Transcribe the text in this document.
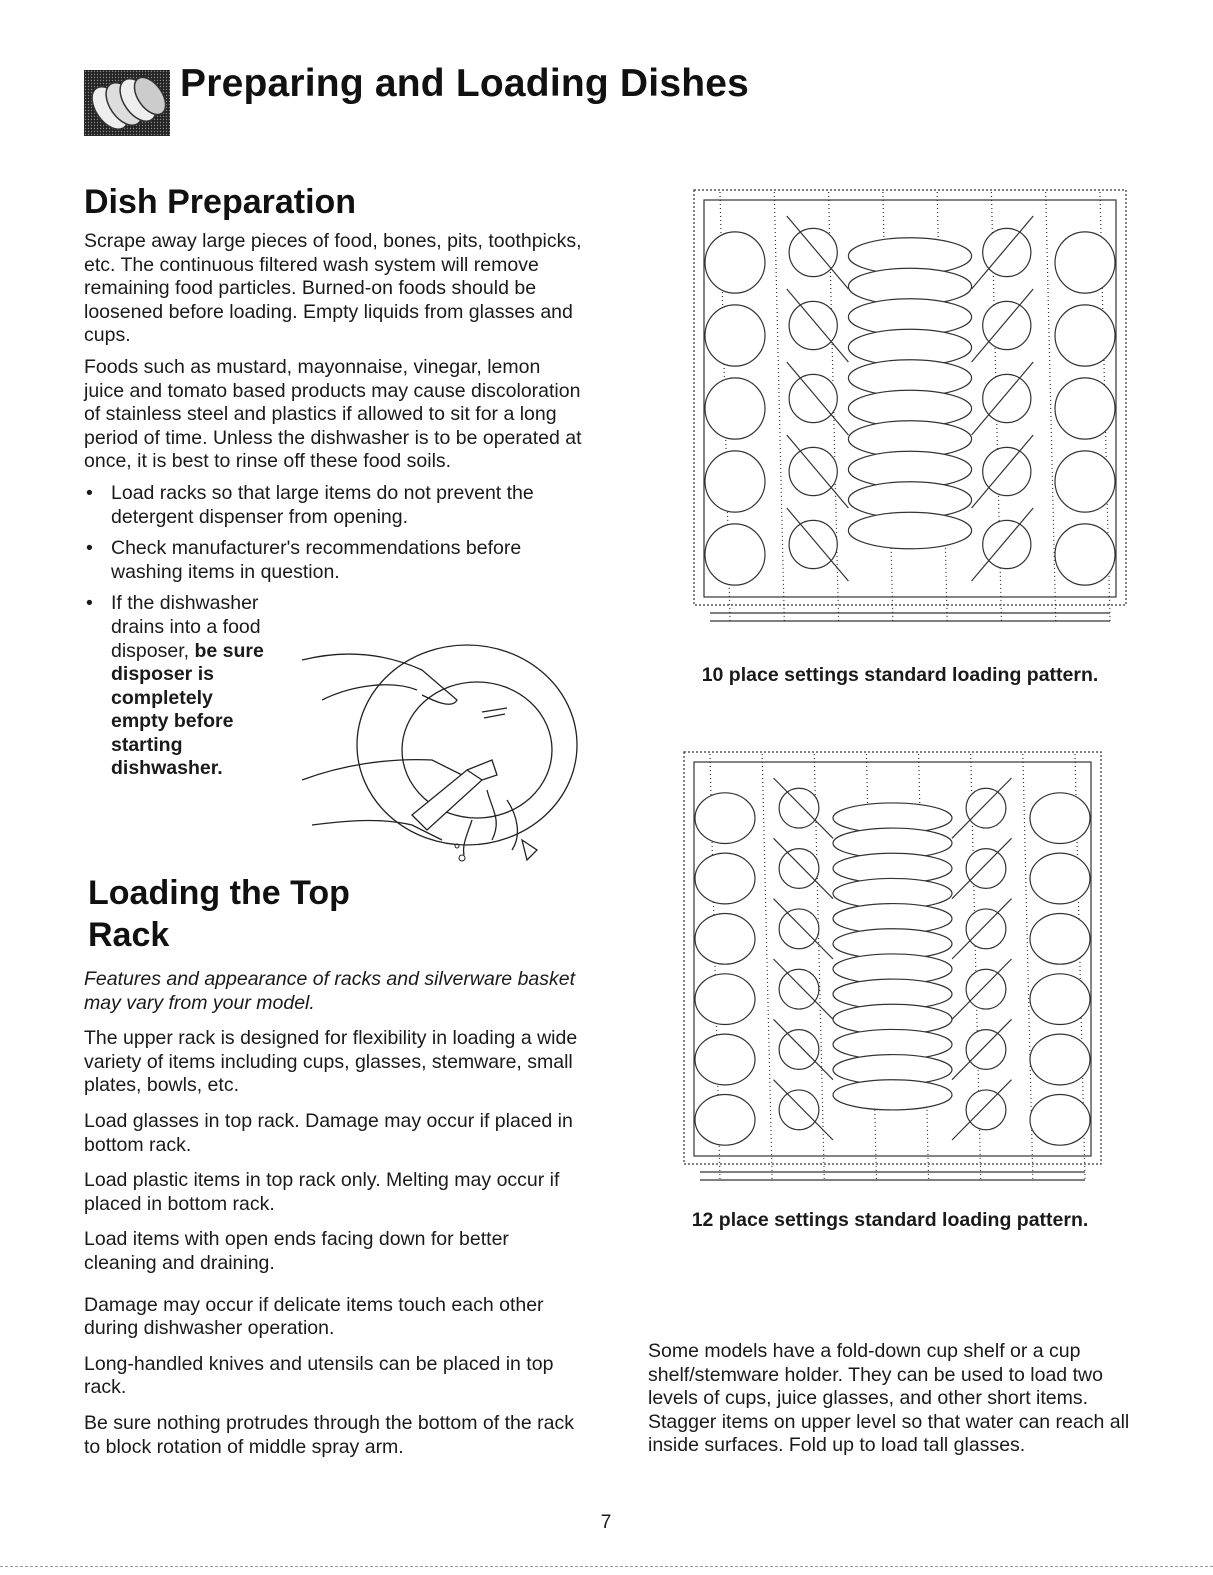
Preparing and Loading Dishes
Dish Preparation

Scrape away large pieces of food, bones, pits, toothpicks, etc. The continuous filtered wash system will remove remaining food particles. Burned-on foods should be loosened before loading. Empty liquids from glasses and cups.

Foods such as mustard, mayonnaise, vinegar, lemon juice and tomato based products may cause discoloration of stainless steel and plastics if allowed to sit for a long period of time. Unless the dishwasher is to be operated at once, it is best to rinse off these food soils.

• Load racks so that large items do not prevent the detergent dispenser from opening.
• Check manufacturer's recommendations before washing items in question.
• If the dishwasher
drains into a food
disposer, be sure
disposer is
completely
empty before
starting
dishwasher.
Loading the Top
Rack

Features and appearance of racks and silverware basket may vary from your model.

The upper rack is designed for flexibility in loading a wide variety of items including cups, glasses, stemware, small plates, bowls, etc.

Load glasses in top rack. Damage may occur if placed in bottom rack.

Load plastic items in top rack only. Melting may occur if placed in bottom rack.

Load items with open ends facing down for better cleaning and draining.

Damage may occur if delicate items touch each other during dishwasher operation.

Long-handled knives and utensils can be placed in top rack.

Be sure nothing protrudes through the bottom of the rack to block rotation of middle spray arm.

10 place settings standard loading pattern.

12 place settings standard loading pattern.

Some models have a fold-down cup shelf or a cup shelf/stemware holder. They can be used to load two levels of cups, juice glasses, and other short items. Stagger items on upper level so that water can reach all inside surfaces. Fold up to load tall glasses.

7
